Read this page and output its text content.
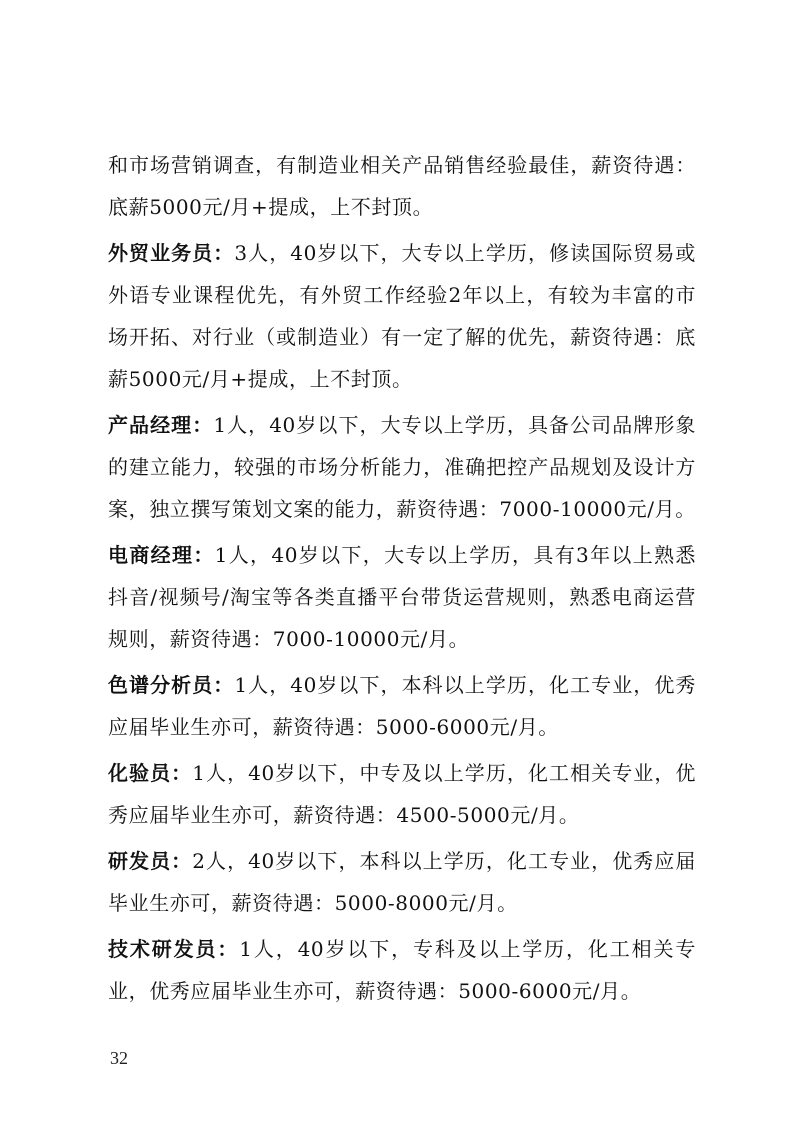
和市场营销调查，有制造业相关产品销售经验最佳，薪资待遇：底薪5000元/月+提成，上不封顶。

外贸业务员：3人，40岁以下，大专以上学历，修读国际贸易或外语专业课程优先，有外贸工作经验2年以上，有较为丰富的市场开拓、对行业（或制造业）有一定了解的优先，薪资待遇：底薪5000元/月+提成，上不封顶。

产品经理：1人，40岁以下，大专以上学历，具备公司品牌形象的建立能力，较强的市场分析能力，准确把控产品规划及设计方案，独立撰写策划文案的能力，薪资待遇：7000-10000元/月。

电商经理：1人，40岁以下，大专以上学历，具有3年以上熟悉抖音/视频号/淘宝等各类直播平台带货运营规则，熟悉电商运营规则，薪资待遇：7000-10000元/月。

色谱分析员：1人，40岁以下，本科以上学历，化工专业，优秀应届毕业生亦可，薪资待遇：5000-6000元/月。

化验员：1人，40岁以下，中专及以上学历，化工相关专业，优秀应届毕业生亦可，薪资待遇：4500-5000元/月。

研发员：2人，40岁以下，本科以上学历，化工专业，优秀应届毕业生亦可，薪资待遇：5000-8000元/月。

技术研发员：1人，40岁以下，专科及以上学历，化工相关专业，优秀应届毕业生亦可，薪资待遇：5000-6000元/月。

32
